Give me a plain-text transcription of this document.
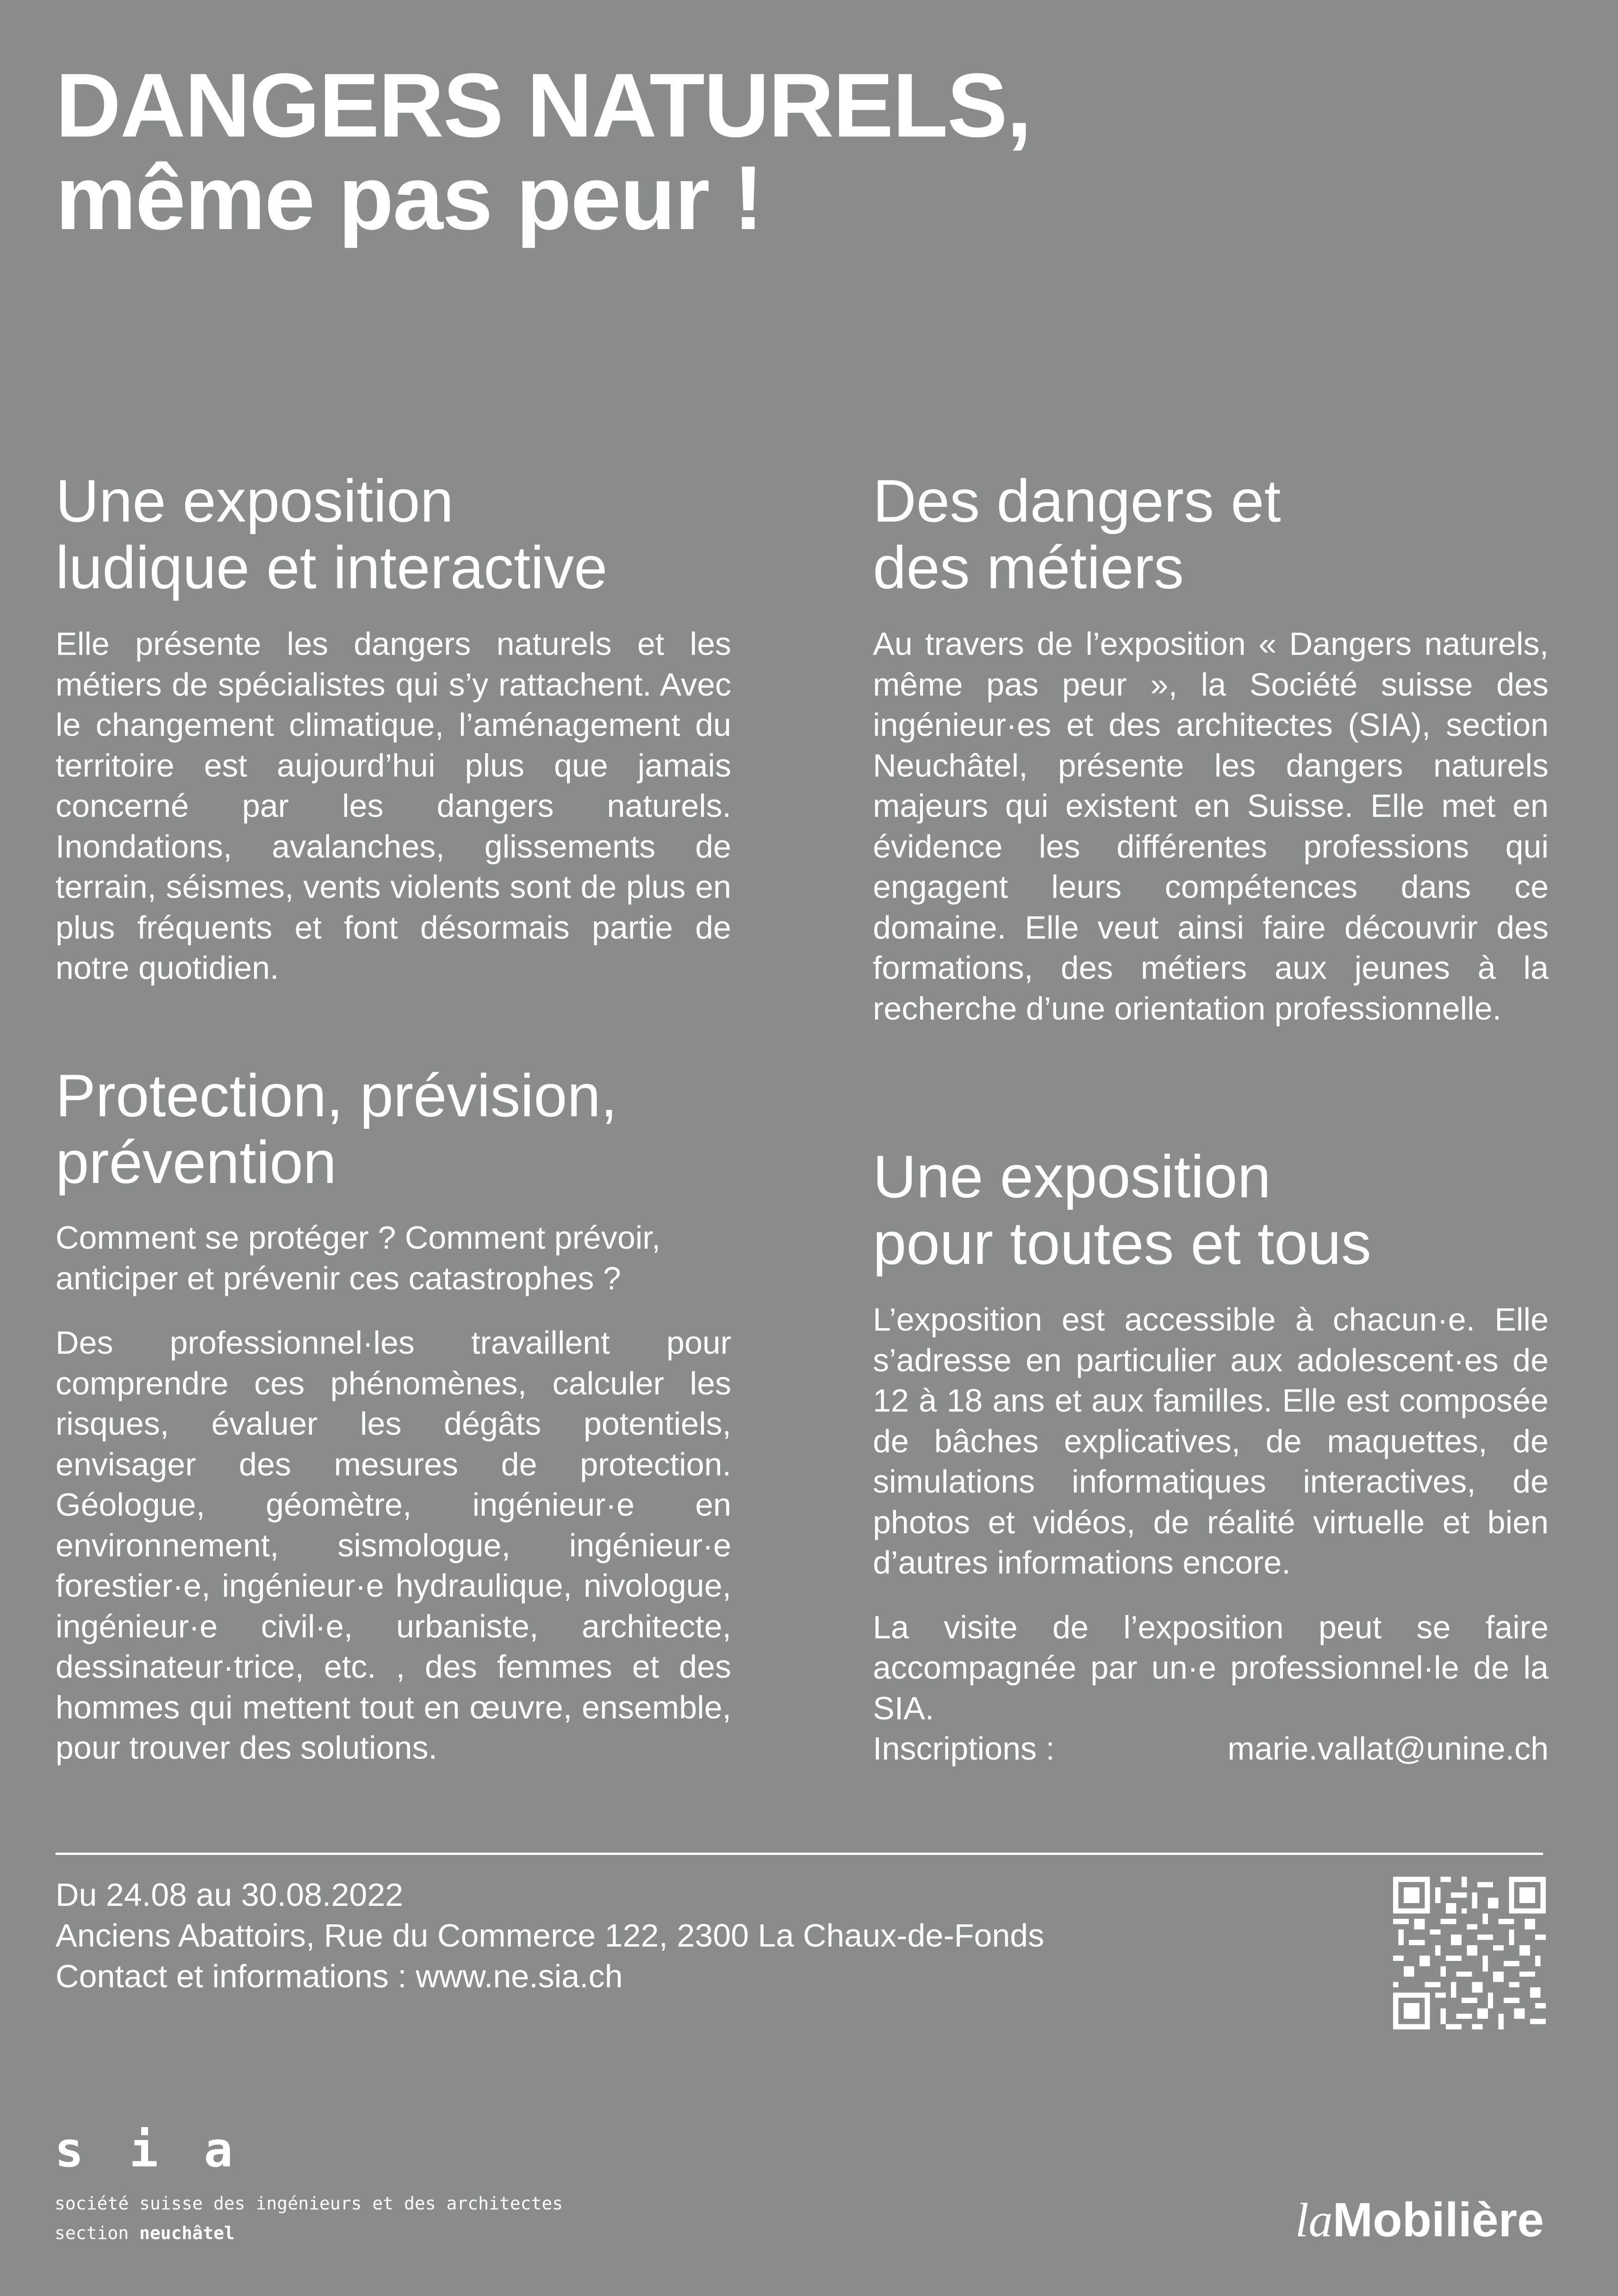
DANGERS NATURELS,
même pas peur !
Une exposition
ludique et interactive

Elle présente les dangers naturels et les métiers de spécialistes qui s’y rattachent. Avec le changement climatique, l’aménagement du territoire est aujourd’hui plus que jamais concerné par les dangers naturels. Inondations, avalanches, glissements de terrain, séismes, vents violents sont de plus en plus fréquents et font désormais partie de notre quotidien.

Protection, prévision,
prévention

Comment se protéger ? Comment prévoir, anticiper et prévenir ces catastrophes ?

Des professionnel·les travaillent pour comprendre ces phénomènes, calculer les risques, évaluer les dégâts potentiels, envisager des mesures de protection. Géologue, géomètre, ingénieur·e en environnement, sismologue, ingénieur·e forestier·e, ingénieur·e hydraulique, nivologue, ingénieur·e civil·e, urbaniste, architecte, dessinateur·trice, etc. , des femmes et des hommes qui mettent tout en œuvre, ensemble, pour trouver des solutions.

Des dangers et
des métiers

Au travers de l’exposition « Dangers naturels, même pas peur », la Société suisse des ingénieur·es et des architectes (SIA), section Neuchâtel, présente les dangers naturels majeurs qui existent en Suisse. Elle met en évidence les différentes professions qui engagent leurs compétences dans ce domaine. Elle veut ainsi faire découvrir des formations, des métiers aux jeunes à la recherche d’une orientation professionnelle.

Une exposition
pour toutes et tous

L’exposition est accessible à chacun·e. Elle s’adresse en particulier aux adolescent·es de 12 à 18 ans et aux familles. Elle est composée de bâches explicatives, de maquettes, de simulations informatiques interactives, de photos et vidéos, de réalité virtuelle et bien d’autres informations encore.

La visite de l’exposition peut se faire accompagnée par un·e professionnel·le de la SIA.

Inscriptions :	marie.vallat@unine.ch
Du 24.08 au 30.08.2022
Anciens Abattoirs, Rue du Commerce 122, 2300 La Chaux-de-Fonds
Contact et informations : www.ne.sia.ch
s i a
société suisse des ingénieurs et des architectes
section neuchâtel	laMobilière
